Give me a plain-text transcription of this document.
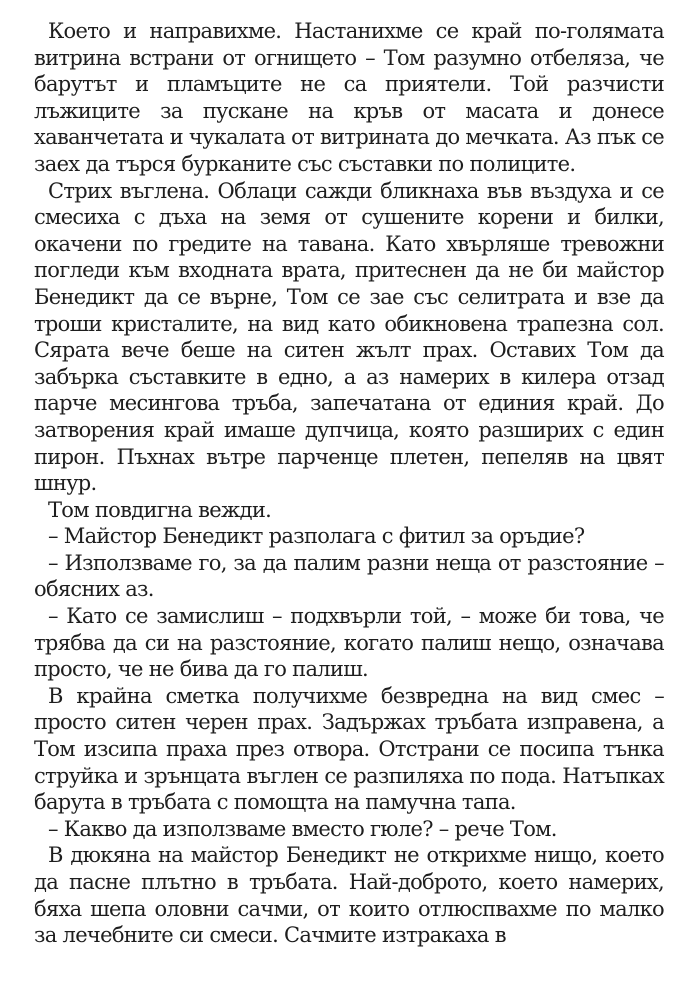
Което и направихме. Настанихме се край по-голямата витрина встрани от огнището – Том разумно отбеляза, че барутът и пламъците не са приятели. Той разчисти лъжиците за пускане на кръв от масата и донесе хаванчетата и чукалата от витрината до мечката. Аз пък се заех да търся бурканите със съставки по полиците.

Стрих въглена. Облаци сажди бликнаха във въздуха и се смесиха с дъха на земя от сушените корени и билки, окачени по гредите на тавана. Като хвърляше тревожни погледи към входната врата, притеснен да не би майстор Бенедикт да се върне, Том се зае със селитрата и взе да троши кристалите, на вид като обикновена трапезна сол. Сярата вече беше на ситен жълт прах. Оставих Том да забърка съставките в едно, а аз намерих в килера отзад парче месингова тръба, запечатана от единия край. До затворения край имаше дупчица, която разширих с един пирон. Пъхнах вътре парченце плетен, пепеляв на цвят шнур.

Том повдигна вежди.

– Майстор Бенедикт разполага с фитил за оръдие?

– Използваме го, за да палим разни неща от разстояние – обясних аз.

– Като се замислиш – подхвърли той, – може би това, че трябва да си на разстояние, когато палиш нещо, означава просто, че не бива да го палиш.

В крайна сметка получихме безвредна на вид смес – просто ситен черен прах. Задържах тръбата изправена, а Том изсипа праха през отвора. Отстрани се посипа тънка струйка и зрънцата въглен се разпиляха по пода. Натъпках барута в тръбата с помощта на памучна тапа.

– Какво да използваме вместо гюле? – рече Том.

В дюкяна на майстор Бенедикт не открихме нищо, което да пасне плътно в тръбата. Най-доброто, което намерих, бяха шепа оловни сачми, от които отлюспвахме по малко за лечебните си смеси. Сачмите изтракаха в
